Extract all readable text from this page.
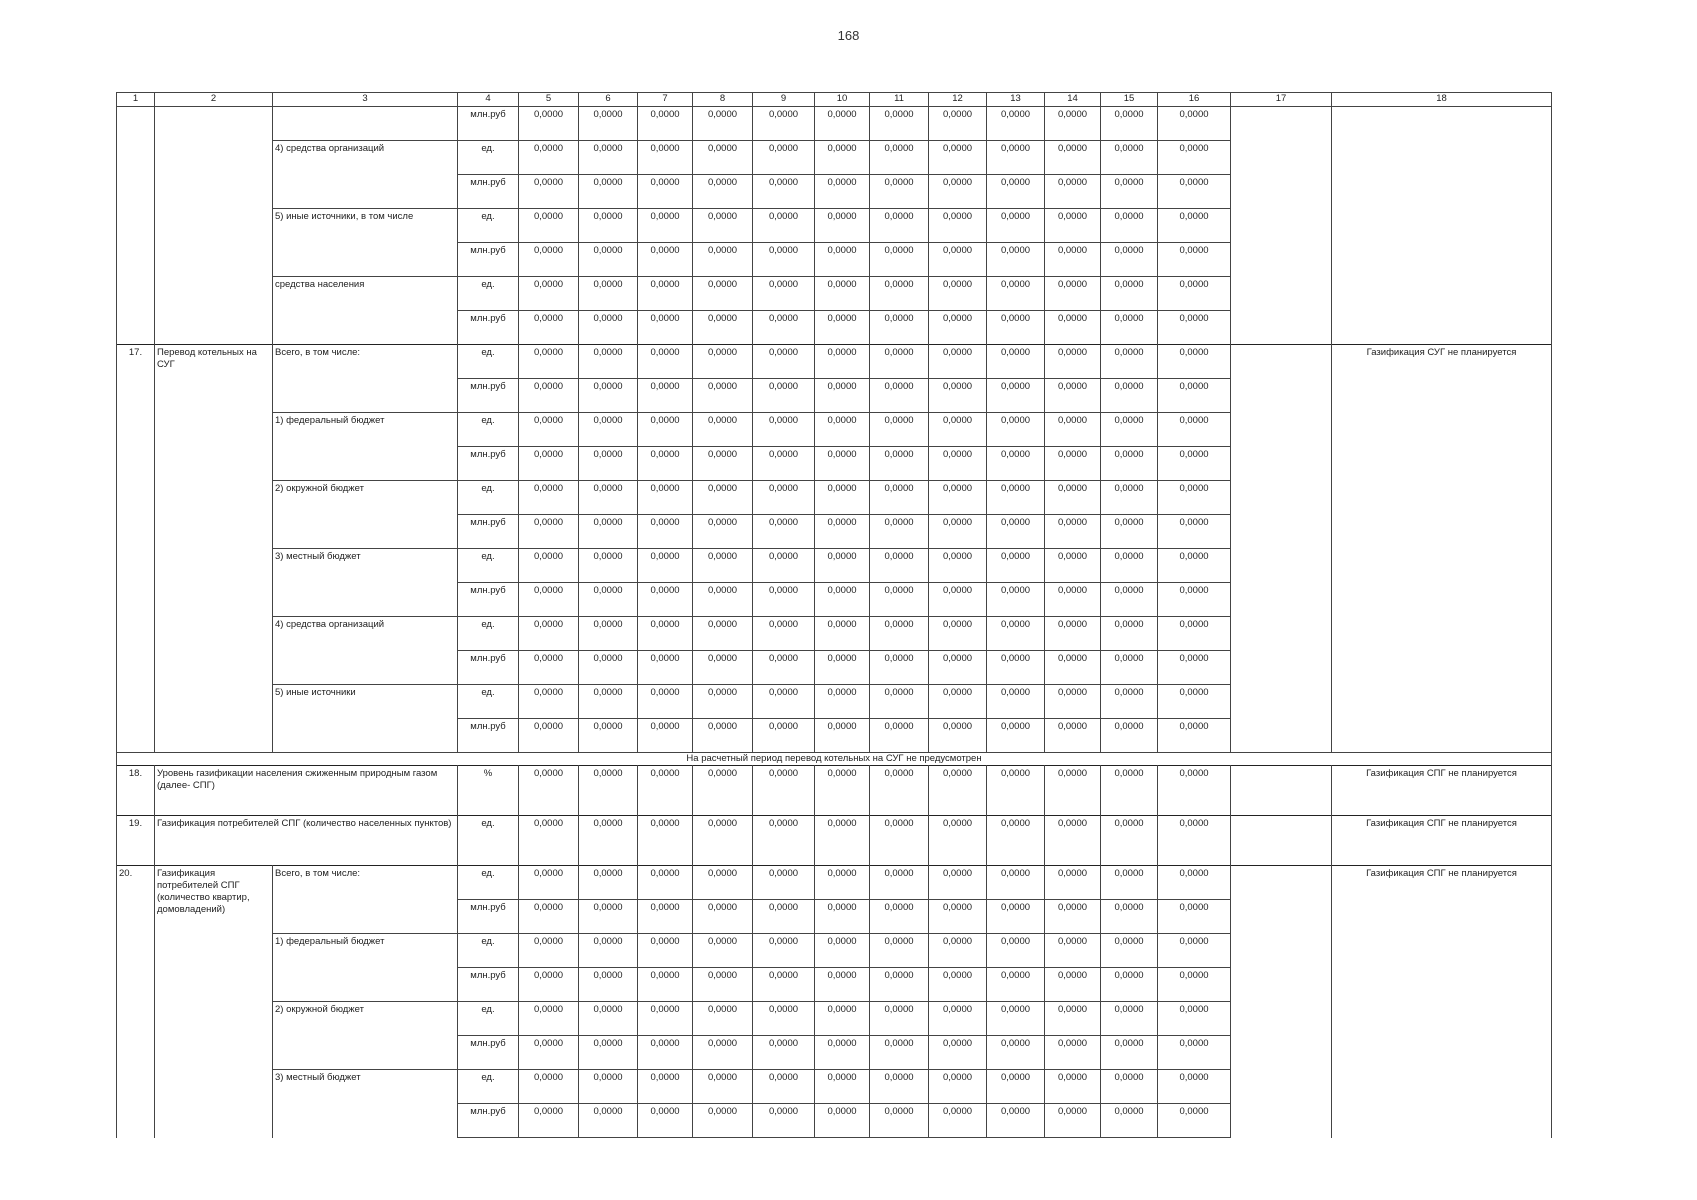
168
1	2	3	4	5	6	7	8	9	10	11	12	13	14	15	16	17	18
			млн.руб	0,0000	0,0000	0,0000	0,0000	0,0000	0,0000	0,0000	0,0000	0,0000	0,0000	0,0000	0,0000		
		4) средства организаций	ед.	0,0000	0,0000	0,0000	0,0000	0,0000	0,0000	0,0000	0,0000	0,0000	0,0000	0,0000	0,0000		
			млн.руб	0,0000	0,0000	0,0000	0,0000	0,0000	0,0000	0,0000	0,0000	0,0000	0,0000	0,0000	0,0000		
		5) иные источники, в том числе	ед.	0,0000	0,0000	0,0000	0,0000	0,0000	0,0000	0,0000	0,0000	0,0000	0,0000	0,0000	0,0000		
			млн.руб	0,0000	0,0000	0,0000	0,0000	0,0000	0,0000	0,0000	0,0000	0,0000	0,0000	0,0000	0,0000		
		средства населения	ед.	0,0000	0,0000	0,0000	0,0000	0,0000	0,0000	0,0000	0,0000	0,0000	0,0000	0,0000	0,0000		
			млн.руб	0,0000	0,0000	0,0000	0,0000	0,0000	0,0000	0,0000	0,0000	0,0000	0,0000	0,0000	0,0000		
17.	Перевод котельных на СУГ	Всего, в том числе:	ед.	0,0000	0,0000	0,0000	0,0000	0,0000	0,0000	0,0000	0,0000	0,0000	0,0000	0,0000	0,0000		Газификация СУГ не планируется
			млн.руб	0,0000	0,0000	0,0000	0,0000	0,0000	0,0000	0,0000	0,0000	0,0000	0,0000	0,0000	0,0000		
		1) федеральный бюджет	ед.	0,0000	0,0000	0,0000	0,0000	0,0000	0,0000	0,0000	0,0000	0,0000	0,0000	0,0000	0,0000		
			млн.руб	0,0000	0,0000	0,0000	0,0000	0,0000	0,0000	0,0000	0,0000	0,0000	0,0000	0,0000	0,0000		
		2) окружной бюджет	ед.	0,0000	0,0000	0,0000	0,0000	0,0000	0,0000	0,0000	0,0000	0,0000	0,0000	0,0000	0,0000		
			млн.руб	0,0000	0,0000	0,0000	0,0000	0,0000	0,0000	0,0000	0,0000	0,0000	0,0000	0,0000	0,0000		
		3) местный бюджет	ед.	0,0000	0,0000	0,0000	0,0000	0,0000	0,0000	0,0000	0,0000	0,0000	0,0000	0,0000	0,0000		
			млн.руб	0,0000	0,0000	0,0000	0,0000	0,0000	0,0000	0,0000	0,0000	0,0000	0,0000	0,0000	0,0000		
		4) средства организаций	ед.	0,0000	0,0000	0,0000	0,0000	0,0000	0,0000	0,0000	0,0000	0,0000	0,0000	0,0000	0,0000		
			млн.руб	0,0000	0,0000	0,0000	0,0000	0,0000	0,0000	0,0000	0,0000	0,0000	0,0000	0,0000	0,0000		
		5) иные источники	ед.	0,0000	0,0000	0,0000	0,0000	0,0000	0,0000	0,0000	0,0000	0,0000	0,0000	0,0000	0,0000		
			млн.руб	0,0000	0,0000	0,0000	0,0000	0,0000	0,0000	0,0000	0,0000	0,0000	0,0000	0,0000	0,0000		
На расчетный период перевод котельных на СУГ не предусмотрен																	
18.	Уровень газификации населения сжиженным природным газом (далее- СПГ)		%	0,0000	0,0000	0,0000	0,0000	0,0000	0,0000	0,0000	0,0000	0,0000	0,0000	0,0000	0,0000		Газификация СПГ не планируется
19.	Газификация потребителей СПГ (количество населенных пунктов)		ед.	0,0000	0,0000	0,0000	0,0000	0,0000	0,0000	0,0000	0,0000	0,0000	0,0000	0,0000	0,0000		Газификация СПГ не планируется
20.	Газификация потребителей СПГ (количество квартир, домовладений)	Всего, в том числе:	ед.	0,0000	0,0000	0,0000	0,0000	0,0000	0,0000	0,0000	0,0000	0,0000	0,0000	0,0000	0,0000		Газификация СПГ не планируется
			млн.руб	0,0000	0,0000	0,0000	0,0000	0,0000	0,0000	0,0000	0,0000	0,0000	0,0000	0,0000	0,0000		
		1) федеральный бюджет	ед.	0,0000	0,0000	0,0000	0,0000	0,0000	0,0000	0,0000	0,0000	0,0000	0,0000	0,0000	0,0000		
			млн.руб	0,0000	0,0000	0,0000	0,0000	0,0000	0,0000	0,0000	0,0000	0,0000	0,0000	0,0000	0,0000		
		2) окружной бюджет	ед.	0,0000	0,0000	0,0000	0,0000	0,0000	0,0000	0,0000	0,0000	0,0000	0,0000	0,0000	0,0000		
			млн.руб	0,0000	0,0000	0,0000	0,0000	0,0000	0,0000	0,0000	0,0000	0,0000	0,0000	0,0000	0,0000		
		3) местный бюджет	ед.	0,0000	0,0000	0,0000	0,0000	0,0000	0,0000	0,0000	0,0000	0,0000	0,0000	0,0000	0,0000		
			млн.руб	0,0000	0,0000	0,0000	0,0000	0,0000	0,0000	0,0000	0,0000	0,0000	0,0000	0,0000	0,0000		
